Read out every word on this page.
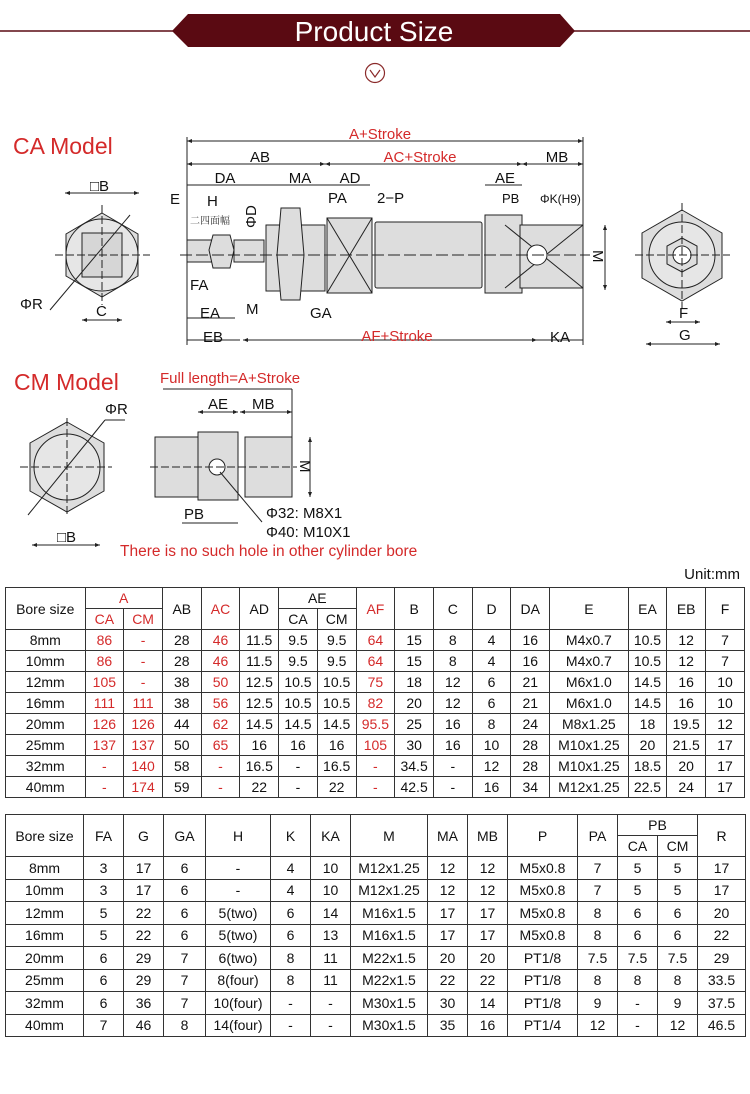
Product Size
CA Model	A+Stroke
AB	AC+Stroke	MB
DA	MA AD	AE
E H
二四面幅 ΦD
PA 2−P	PB ΦK(H9)
M
FA
M	GA
EA
EB	AF+Stroke	KA
□B
C
ΦR
F
G
CM Model	Full length=A+Stroke
ΦR	AE MB
M
□B
PB	Φ32: M8X1
Φ40: M10X1
There is no such hole in other cylinder bore
Unit:mm
Bore size	A		AB	AC	AD	AE		AF	B	C	D	DA	E	EA	EB	F
	CA	CM				CA	CM									
8mm	86	-	28	46	11.5	9.5	9.5	64	15	8	4	16	M4x0.7	10.5	12	7
10mm	86	-	28	46	11.5	9.5	9.5	64	15	8	4	16	M4x0.7	10.5	12	7
12mm	105	-	38	50	12.5	10.5	10.5	75	18	12	6	21	M6x1.0	14.5	16	10
16mm	111	111	38	56	12.5	10.5	10.5	82	20	12	6	21	M6x1.0	14.5	16	10
20mm	126	126	44	62	14.5	14.5	14.5	95.5	25	16	8	24	M8x1.25	18	19.5	12
25mm	137	137	50	65	16	16	16	105	30	16	10	28	M10x1.25	20	21.5	17
32mm	-	140	58	-	16.5	-	16.5	-	34.5	-	12	28	M10x1.25	18.5	20	17
40mm	-	174	59	-	22	-	22	-	42.5	-	16	34	M12x1.25	22.5	24	17
Bore size	FA	G	GA	H	K	KA	M	MA	MB	P	PA	PB		R
												CA	CM	
8mm	3	17	6	-	4	10	M12x1.25	12	12	M5x0.8	7	5	5	17
10mm	3	17	6	-	4	10	M12x1.25	12	12	M5x0.8	7	5	5	17
12mm	5	22	6	5(two)	6	14	M16x1.5	17	17	M5x0.8	8	6	6	20
16mm	5	22	6	5(two)	6	13	M16x1.5	17	17	M5x0.8	8	6	6	22
20mm	6	29	7	6(two)	8	11	M22x1.5	20	20	PT1/8	7.5	7.5	7.5	29
25mm	6	29	7	8(four)	8	11	M22x1.5	22	22	PT1/8	8	8	8	33.5
32mm	6	36	7	10(four)	-	-	M30x1.5	30	14	PT1/8	9	-	9	37.5
40mm	7	46	8	14(four)	-	-	M30x1.5	35	16	PT1/4	12	-	12	46.5
